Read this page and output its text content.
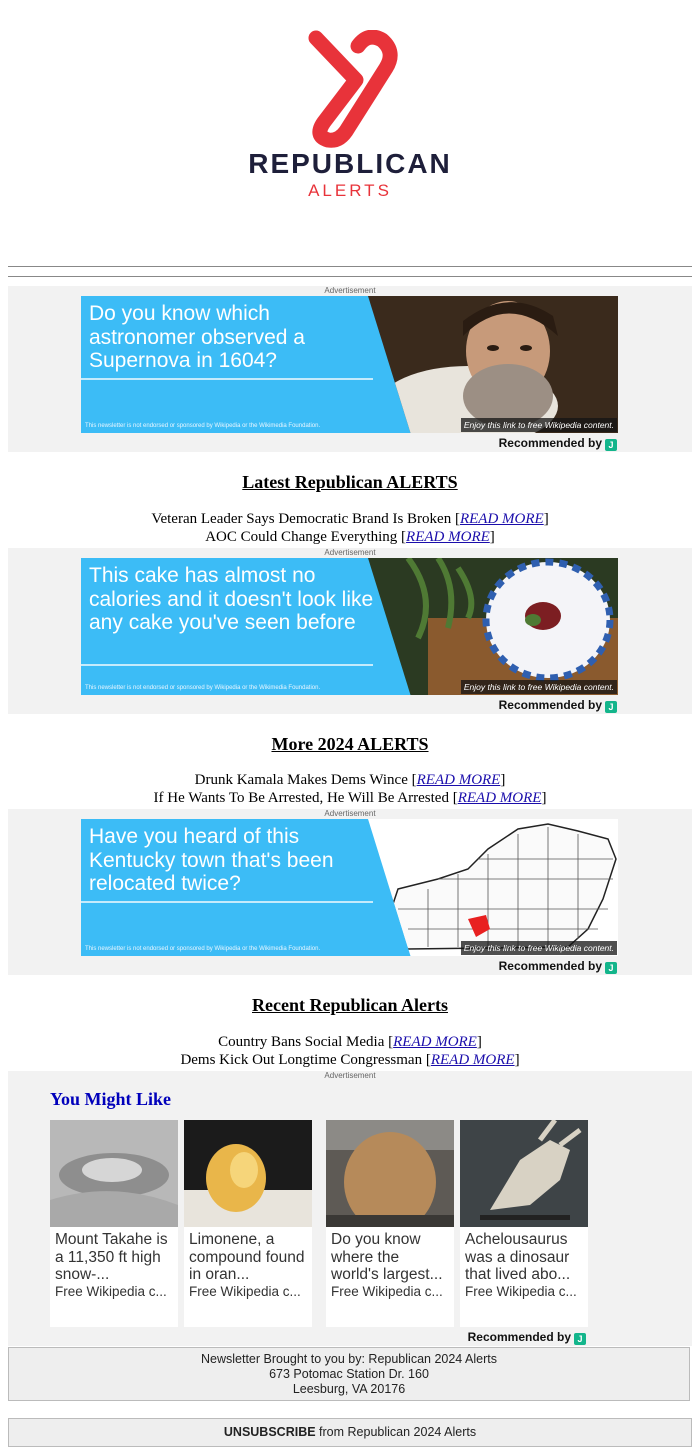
REPUBLICAN
ALERTS
Advertisement
Do you know which astronomer observed a Supernova in 1604?
This newsletter is not endorsed or sponsored by Wikipedia or the Wikimedia Foundation.	Enjoy this link to free Wikipedia content.
Recommended by J
Latest Republican ALERTS
Veteran Leader Says Democratic Brand Is Broken [READ MORE]
AOC Could Change Everything [READ MORE]
Advertisement
This cake has almost no calories and it doesn't look like any cake you've seen before
This newsletter is not endorsed or sponsored by Wikipedia or the Wikimedia Foundation.	Enjoy this link to free Wikipedia content.
Recommended by J
More 2024 ALERTS
Drunk Kamala Makes Dems Wince [READ MORE]
If He Wants To Be Arrested, He Will Be Arrested [READ MORE]
Advertisement
Have you heard of this Kentucky town that's been relocated twice?
This newsletter is not endorsed or sponsored by Wikipedia or the Wikimedia Foundation.	Enjoy this link to free Wikipedia content.
Recommended by J
Recent Republican Alerts
Country Bans Social Media [READ MORE]
Dems Kick Out Longtime Congressman [READ MORE]
Advertisement
You Might Like
Mount Takahe is a 11,350 ft high snow-...
Free Wikipedia c...
Limonene, a compound found in oran...
Free Wikipedia c...
Do you know where the world's largest...
Free Wikipedia c...
Achelousaurus was a dinosaur that lived abo...
Free Wikipedia c...
Recommended by J
Newsletter Brought to you by: Republican 2024 Alerts
673 Potomac Station Dr. 160
Leesburg, VA 20176
UNSUBSCRIBE from Republican 2024 Alerts
